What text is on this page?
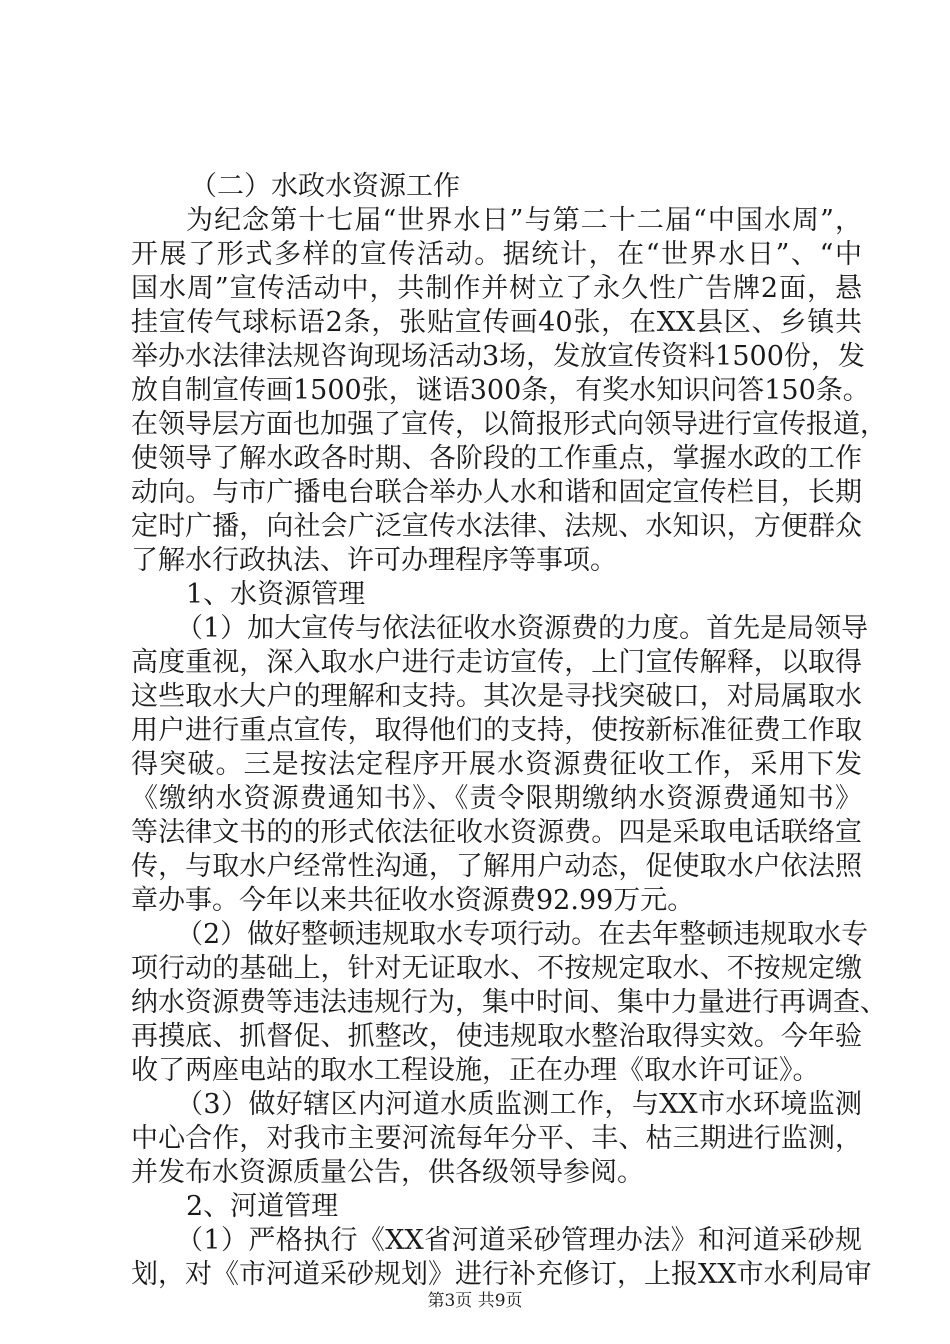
（二）水政水资源工作
为纪念第十七届“世界水日”与第二十二届“中国水周”，
开展了形式多样的宣传活动。据统计，在“世界水日”、“中
国水周”宣传活动中，共制作并树立了永久性广告牌2面，悬
挂宣传气球标语2条，张贴宣传画40张，在XX县区、乡镇共
举办水法律法规咨询现场活动3场，发放宣传资料1500份，发
放自制宣传画1500张，谜语300条，有奖水知识问答150条。
在领导层方面也加强了宣传，以简报形式向领导进行宣传报道，
使领导了解水政各时期、各阶段的工作重点，掌握水政的工作
动向。与市广播电台联合举办人水和谐和固定宣传栏目，长期
定时广播，向社会广泛宣传水法律、法规、水知识，方便群众
了解水行政执法、许可办理程序等事项。
1、水资源管理
（1）加大宣传与依法征收水资源费的力度。首先是局领导
高度重视，深入取水户进行走访宣传，上门宣传解释，以取得
这些取水大户的理解和支持。其次是寻找突破口，对局属取水
用户进行重点宣传，取得他们的支持，使按新标准征费工作取
得突破。三是按法定程序开展水资源费征收工作，采用下发
《缴纳水资源费通知书》、《责令限期缴纳水资源费通知书》
等法律文书的的形式依法征收水资源费。四是采取电话联络宣
传，与取水户经常性沟通，了解用户动态，促使取水户依法照
章办事。今年以来共征收水资源费92.99万元。
（2）做好整顿违规取水专项行动。在去年整顿违规取水专
项行动的基础上，针对无证取水、不按规定取水、不按规定缴
纳水资源费等违法违规行为，集中时间、集中力量进行再调查、
再摸底、抓督促、抓整改，使违规取水整治取得实效。今年验
收了两座电站的取水工程设施，正在办理《取水许可证》。
（3）做好辖区内河道水质监测工作，与XX市水环境监测
中心合作，对我市主要河流每年分平、丰、枯三期进行监测，
并发布水资源质量公告，供各级领导参阅。
2、河道管理
（1）严格执行《XX省河道采砂管理办法》和河道采砂规
划，对《市河道采砂规划》进行补充修订，上报XX市水利局审
第3页 共9页
